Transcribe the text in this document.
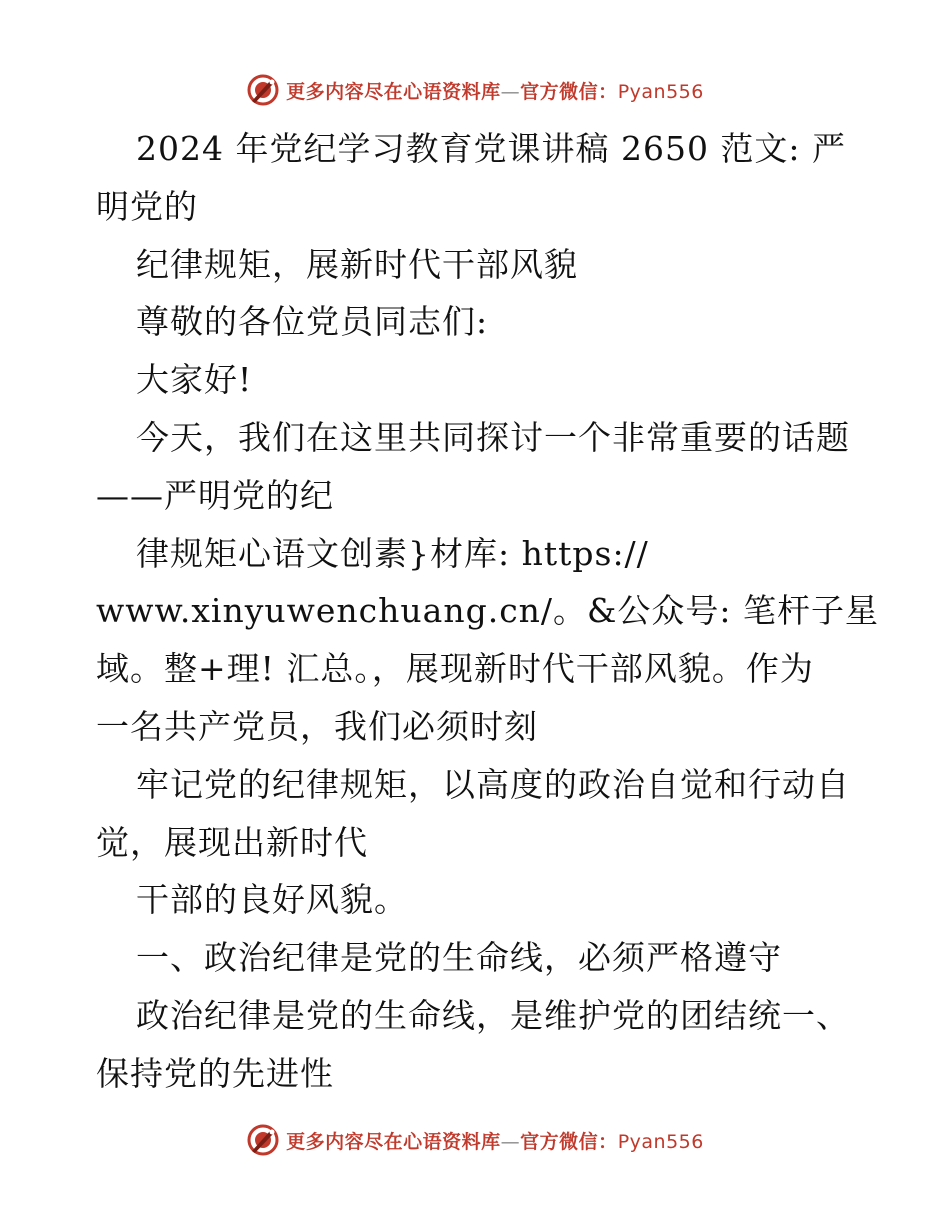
更多内容尽在心语资料库—官方微信：Pyan556
2024 年党纪学习教育党课讲稿 2650 范文: 严
明党的
纪律规矩，展新时代干部风貌
尊敬的各位党员同志们:
大家好!
今天，我们在这里共同探讨一个非常重要的话题
——严明党的纪
律规矩心语文创素}材库: https://
www.xinyuwenchuang.cn/。&公众号: 笔杆子星
域。整+理! 汇总。，展现新时代干部风貌。作为
一名共产党员，我们必须时刻
牢记党的纪律规矩，以高度的政治自觉和行动自
觉，展现出新时代
干部的良好风貌。
一、政治纪律是党的生命线，必须严格遵守
政治纪律是党的生命线，是维护党的团结统一、
保持党的先进性
更多内容尽在心语资料库—官方微信：Pyan556
